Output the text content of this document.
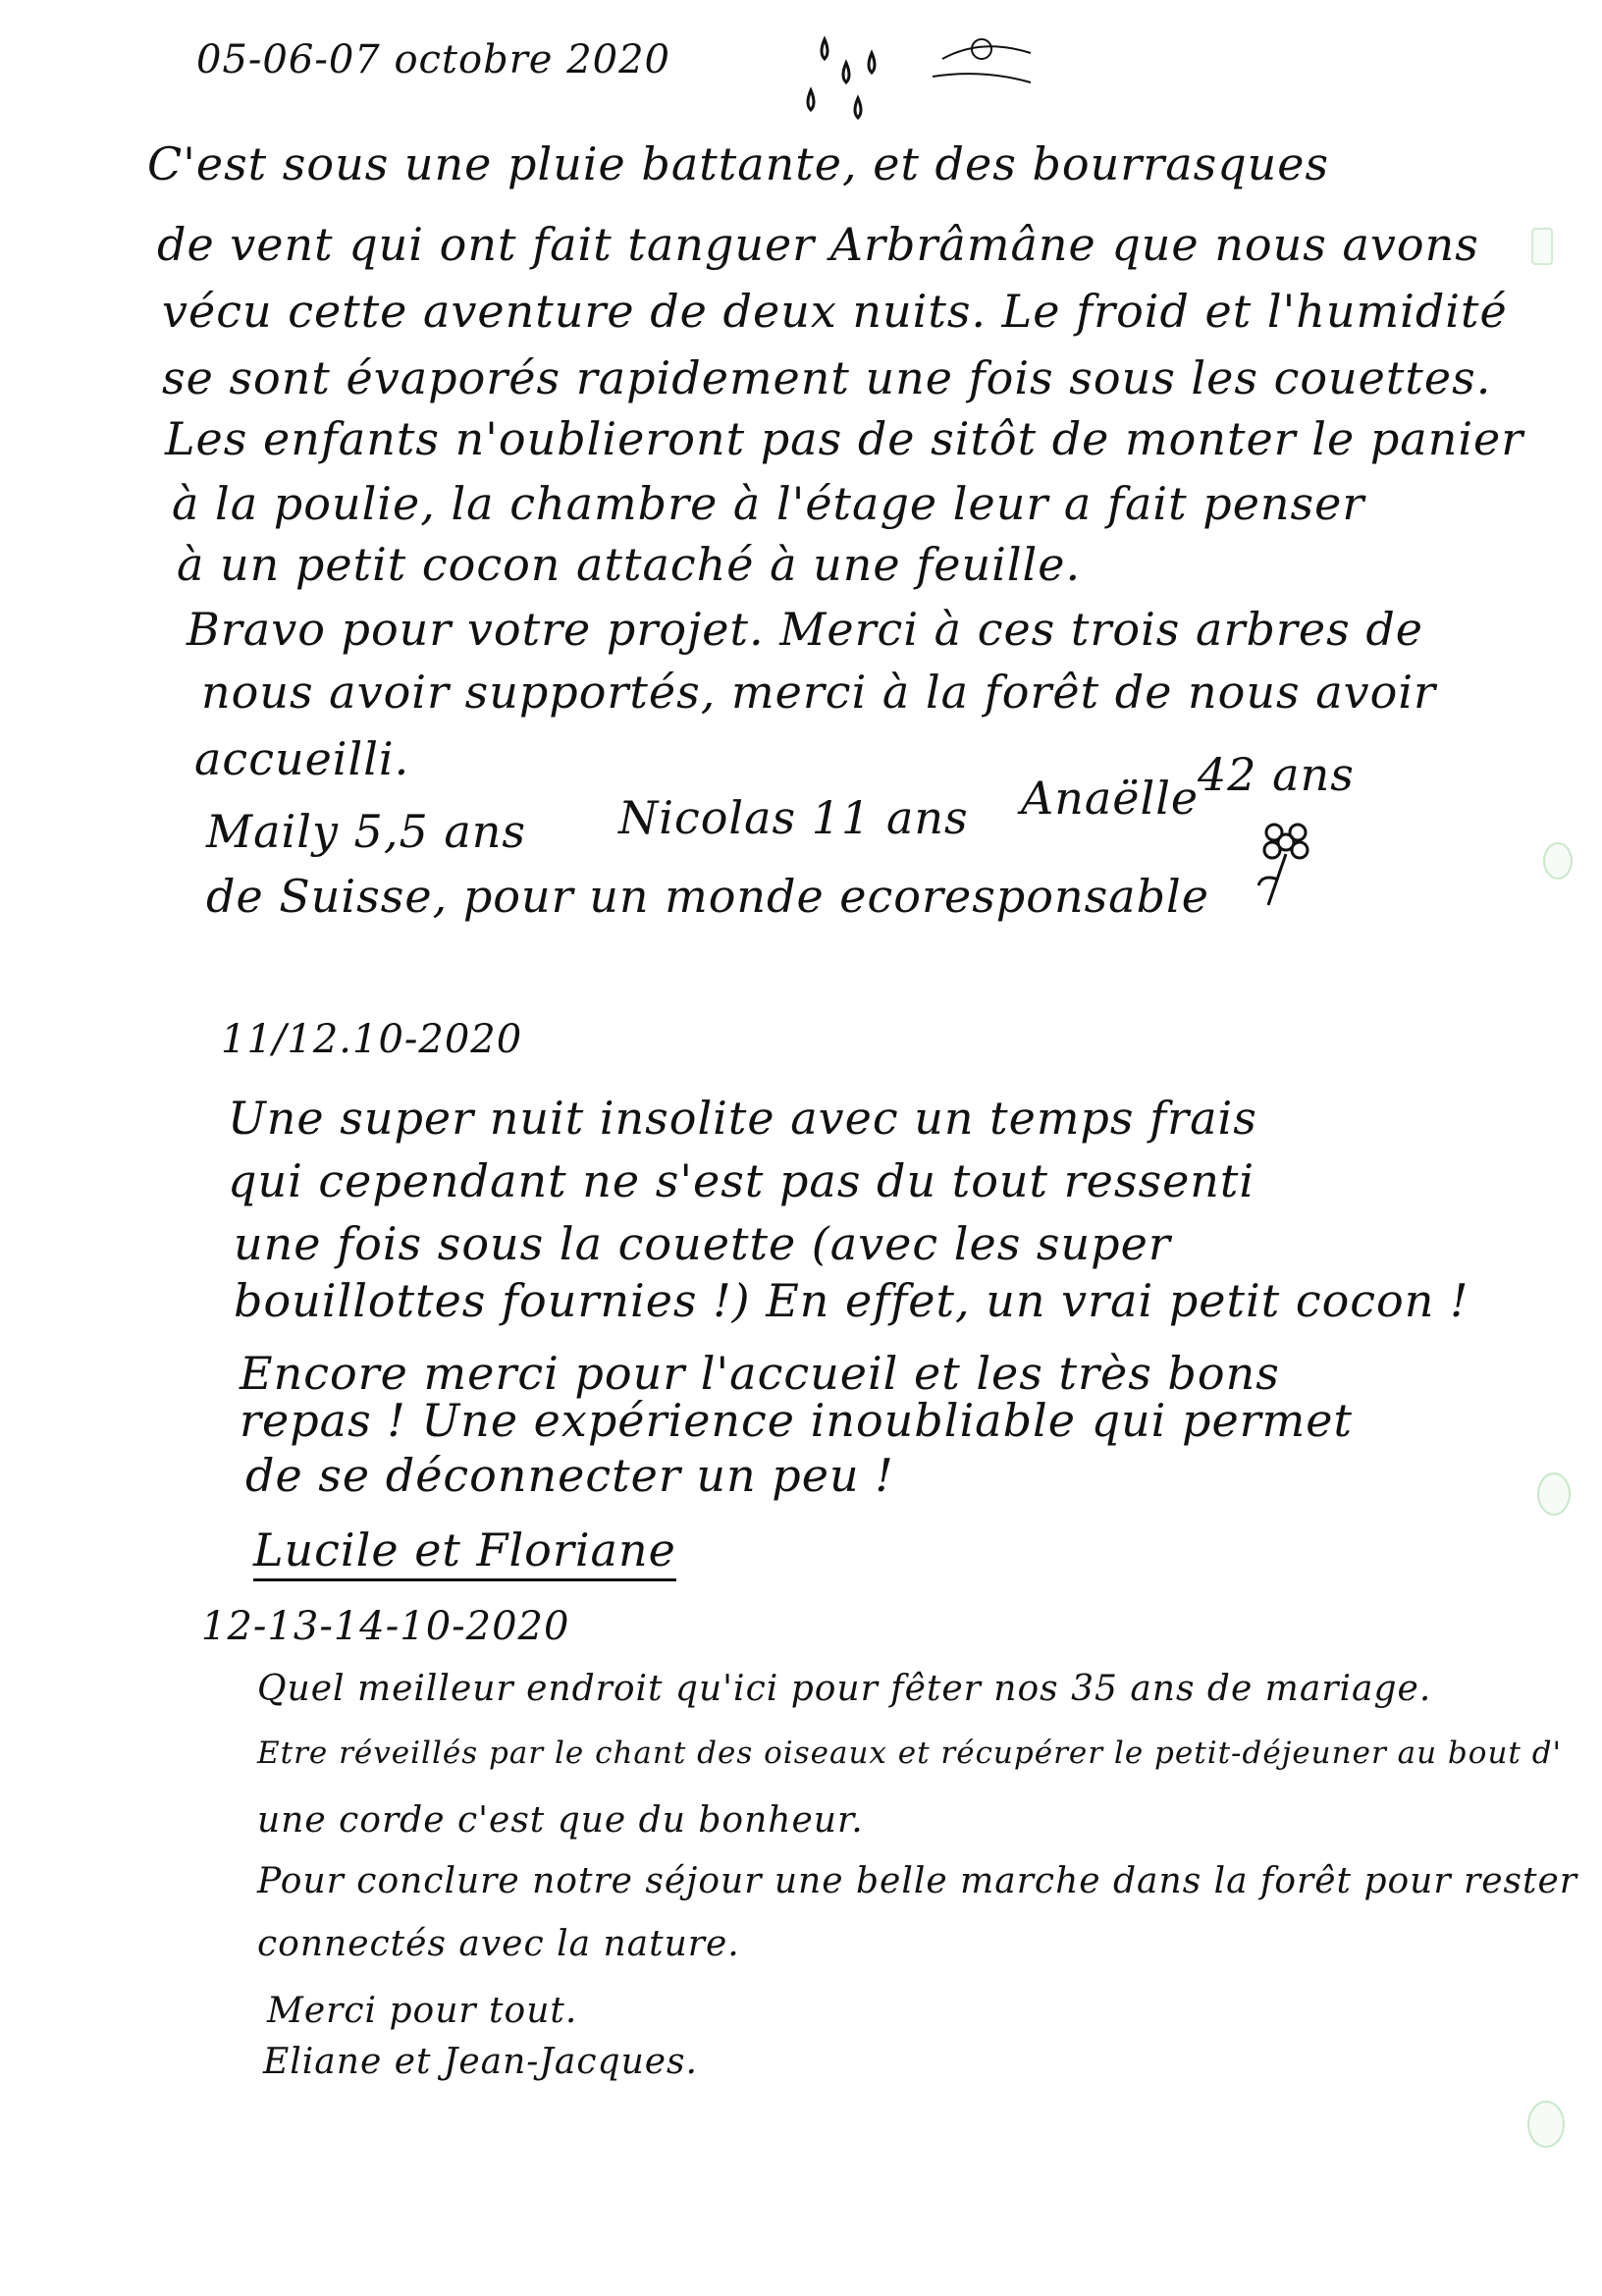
05-06-07 octobre 2020
C'est sous une pluie battante, et des bourrasques
de vent qui ont fait tanguer Arbrâmâne que nous avons
vécu cette aventure de deux nuits. Le froid et l'humidité
se sont évaporés rapidement une fois sous les couettes.
Les enfants n'oublieront pas de sitôt de monter le panier
à la poulie, la chambre à l'étage leur a fait penser
à un petit cocon attaché à une feuille.
Bravo pour votre projet. Merci à ces trois arbres de
nous avoir supportés, merci à la forêt de nous avoir
accueilli.
Maily 5,5 ans Nicolas 11 ans Anaëlle
42 ans
de Suisse, pour un monde ecoresponsable
11/12.10-2020
Une super nuit insolite avec un temps frais
qui cependant ne s'est pas du tout ressenti
une fois sous la couette (avec les super
bouillottes fournies !) En effet, un vrai petit cocon !
Encore merci pour l'accueil et les très bons
repas ! Une expérience inoubliable qui permet
de se déconnecter un peu !
Lucile et Floriane
12-13-14-10-2020
Quel meilleur endroit qu'ici pour fêter nos 35 ans de mariage.
Etre réveillés par le chant des oiseaux et récupérer le petit-déjeuner au bout d'
une corde c'est que du bonheur.
Pour conclure notre séjour une belle marche dans la forêt pour rester
connectés avec la nature.
Merci pour tout.
Eliane et Jean-Jacques.
